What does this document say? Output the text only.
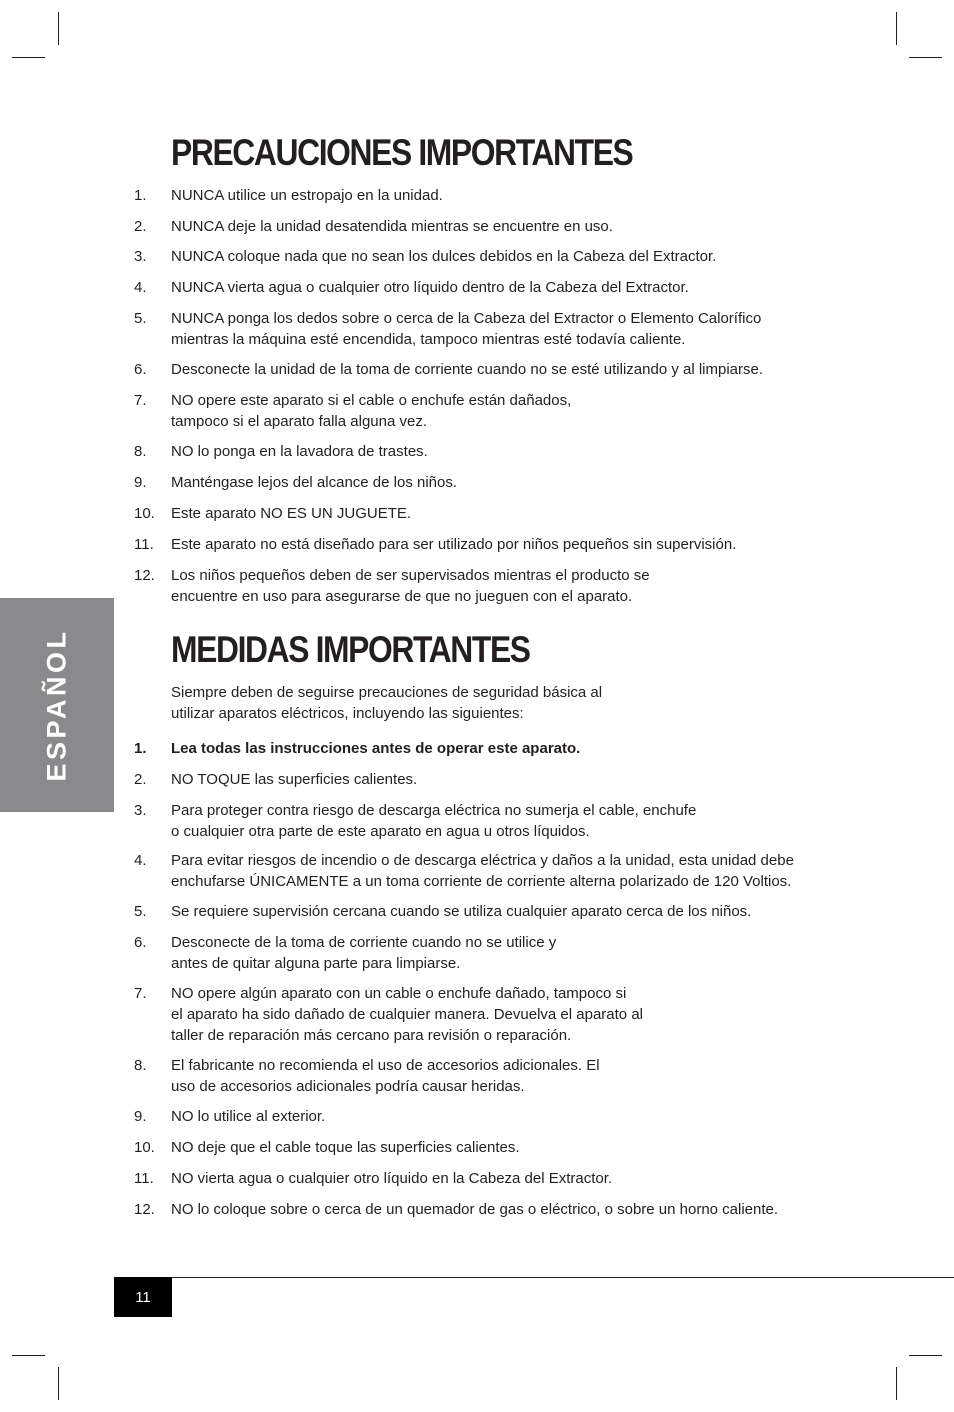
PRECAUCIONES IMPORTANTES
1. NUNCA utilice un estropajo en la unidad.
2. NUNCA deje la unidad desatendida mientras se encuentre en uso.
3. NUNCA coloque nada que no sean los dulces debidos en la Cabeza del Extractor.
4. NUNCA vierta agua o cualquier otro líquido dentro de la Cabeza del Extractor.
5. NUNCA ponga los dedos sobre o cerca de la Cabeza del Extractor o Elemento Calorífico
mientras la máquina esté encendida, tampoco mientras esté todavía caliente.
6. Desconecte la unidad de la toma de corriente cuando no se esté utilizando y al limpiarse.
7. NO opere este aparato si el cable o enchufe están dañados,
tampoco si el aparato falla alguna vez.
8. NO lo ponga en la lavadora de trastes.
9. Manténgase lejos del alcance de los niños.
10. Este aparato NO ES UN JUGUETE.
11. Este aparato no está diseñado para ser utilizado por niños pequeños sin supervisión.
12. Los niños pequeños deben de ser supervisados mientras el producto se
encuentre en uso para asegurarse de que no jueguen con el aparato.
ESPAÑOL	MEDIDAS IMPORTANTES

Siempre deben de seguirse precauciones de seguridad básica al
utilizar aparatos eléctricos, incluyendo las siguientes:

1. Lea todas las instrucciones antes de operar este aparato.
2. NO TOQUE las superficies calientes.
3. Para proteger contra riesgo de descarga eléctrica no sumerja el cable, enchufe
o cualquier otra parte de este aparato en agua u otros líquidos.
4. Para evitar riesgos de incendio o de descarga eléctrica y daños a la unidad, esta unidad debe
enchufarse ÚNICAMENTE a un toma corriente de corriente alterna polarizado de 120 Voltios.
5. Se requiere supervisión cercana cuando se utiliza cualquier aparato cerca de los niños.
6. Desconecte de la toma de corriente cuando no se utilice y
antes de quitar alguna parte para limpiarse.
7. NO opere algún aparato con un cable o enchufe dañado, tampoco si
el aparato ha sido dañado de cualquier manera. Devuelva el aparato al
taller de reparación más cercano para revisión o reparación.
8. El fabricante no recomienda el uso de accesorios adicionales. El
uso de accesorios adicionales podría causar heridas.
9. NO lo utilice al exterior.
10. NO deje que el cable toque las superficies calientes.
11. NO vierta agua o cualquier otro líquido en la Cabeza del Extractor.
12. NO lo coloque sobre o cerca de un quemador de gas o eléctrico, o sobre un horno caliente.
11
